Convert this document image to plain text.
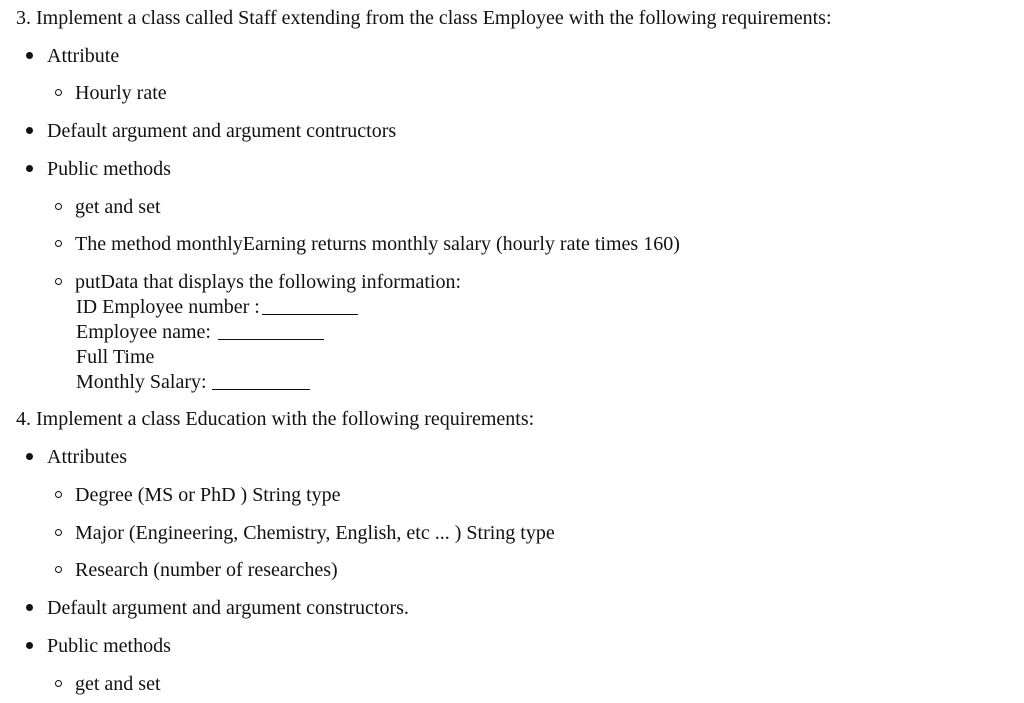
3. Implement a class called Staff extending from the class Employee with the following requirements:
Attribute
Hourly rate
Default argument and argument contructors
Public methods
get and set
The method monthlyEarning returns monthly salary (hourly rate times 160)
putData that displays the following information:
ID Employee number :
Employee name:
Full Time
Monthly Salary:
4. Implement a class Education with the following requirements:
Attributes
Degree (MS or PhD ) String type
Major (Engineering, Chemistry, English, etc ... ) String type
Research (number of researches)
Default argument and argument constructors.
Public methods
get and set
